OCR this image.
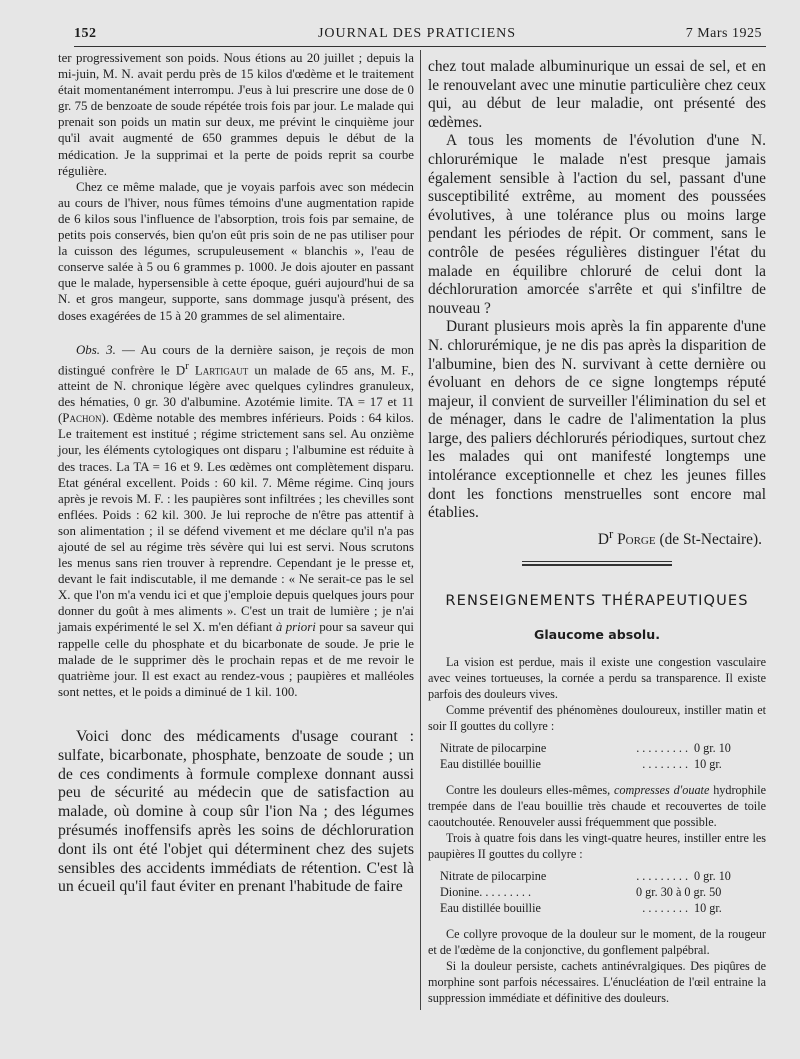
152	JOURNAL DES PRATICIENS	7 Mars 1925

ter progressivement son poids. Nous étions au 20 juillet ; depuis la mi-juin, M. N. avait perdu près de 15 kilos d'œdème et le traitement était momentanément interrompu. J'eus à lui prescrire une dose de 0 gr. 75 de benzoate de soude répétée trois fois par jour. Le malade qui prenait son poids un matin sur deux, me prévint le cinquième jour qu'il avait augmenté de 650 grammes depuis le début de la médication. Je la supprimai et la perte de poids reprit sa courbe régulière.

Chez ce même malade, que je voyais parfois avec son médecin au cours de l'hiver, nous fûmes témoins d'une augmentation rapide de 6 kilos sous l'influence de l'absorption, trois fois par semaine, de petits pois conservés, bien qu'on eût pris soin de ne pas utiliser pour la cuisson des légumes, scrupuleusement « blanchis », l'eau de conserve salée à 5 ou 6 grammes p. 1000. Je dois ajouter en passant que le malade, hypersensible à cette époque, guéri aujourd'hui de sa N. et gros mangeur, supporte, sans dommage jusqu'à présent, des doses exagérées de 15 à 20 grammes de sel alimentaire.

Obs. 3. — Au cours de la dernière saison, je reçois de mon distingué confrère le $D^r$ Lartigaut un malade de 65 ans, M. F., atteint de N. chronique légère avec quelques cylindres granuleux, des hématies, 0 gr. 30 d'albumine. Azotémie limite. TA = 17 et 11 (Pachon). Œdème notable des membres inférieurs. Poids : 64 kilos. Le traitement est institué ; régime strictement sans sel. Au onzième jour, les éléments cytologiques ont disparu ; l'albumine est réduite à des traces. La TA = 16 et 9. Les œdèmes ont complètement disparu. Etat général excellent. Poids : 60 kil. 7. Même régime. Cinq jours après je revois M. F. : les paupières sont infiltrées ; les chevilles sont enflées. Poids : 62 kil. 300. Je lui reproche de n'être pas attentif à son alimentation ; il se défend vivement et me déclare qu'il n'a pas ajouté de sel au régime très sévère qui lui est servi. Nous scrutons les menus sans rien trouver à reprendre. Cependant je le presse et, devant le fait indiscutable, il me demande : « Ne serait-ce pas le sel X. que l'on m'a vendu ici et que j'emploie depuis quelques jours pour donner du goût à mes aliments ». C'est un trait de lumière ; je n'ai jamais expérimenté le sel X. m'en défiant à priori pour sa saveur qui rappelle celle du phosphate et du bicarbonate de soude. Je prie le malade de le supprimer dès le prochain repas et de me revoir le quatrième jour. Il est exact au rendez-vous ; paupières et malléoles sont nettes, et le poids a diminué de 1 kil. 100.

Voici donc des médicaments d'usage courant : sulfate, bicarbonate, phosphate, benzoate de soude ; un de ces condiments à formule complexe donnant aussi peu de sécurité au médecin que de satisfaction au malade, où domine à coup sûr l'ion Na ; des légumes présumés inoffensifs après les soins de déchloruration dont ils ont été l'objet qui déterminent chez des sujets sensibles des accidents immédiats de rétention. C'est là un écueil qu'il faut éviter en prenant l'habitude de faire

chez tout malade albuminurique un essai de sel, et en le renouvelant avec une minutie particulière chez ceux qui, au début de leur maladie, ont présenté des œdèmes.

A tous les moments de l'évolution d'une N. chlorurémique le malade n'est presque jamais également sensible à l'action du sel, passant d'une susceptibilité extrême, au moment des poussées évolutives, à une tolérance plus ou moins large pendant les périodes de répit. Or comment, sans le contrôle de pesées régulières distinguer l'état du malade en équilibre chloruré de celui dont la déchloruration amorcée s'arrête et qui s'infiltre de nouveau ?

Durant plusieurs mois après la fin apparente d'une N. chlorurémique, je ne dis pas après la disparition de l'albumine, bien des N. survivant à cette dernière ou évoluant en dehors de ce signe longtemps réputé majeur, il convient de surveiller l'élimination du sel et de ménager, dans le cadre de l'alimentation la plus large, des paliers déchlorurés périodiques, surtout chez les malades qui ont manifesté longtemps une intolérance exceptionnelle et chez les jeunes filles dont les fonctions menstruelles sont encore mal établies.

$D^r$ Porge (de St-Nectaire).
RENSEIGNEMENTS THÉRAPEUTIQUES
Glaucome absolu.

La vision est perdue, mais il existe une congestion vasculaire avec veines tortueuses, la cornée a perdu sa transparence. Il existe parfois des douleurs vives.

Comme préventif des phénomènes douloureux, instiller matin et soir II gouttes du collyre :

Nitrate de pilocarpine	. . . . . . . . . 0 gr. 10
Eau distillée bouillie	. . . . . . . . 10 gr.

Contre les douleurs elles-mêmes, compresses d'ouate hydrophile trempée dans de l'eau bouillie très chaude et recouvertes de toile caoutchoutée. Renouveler aussi fréquemment que possible.

Trois à quatre fois dans les vingt-quatre heures, instiller entre les paupières II gouttes du collyre :

Nitrate de pilocarpine	. . . . . . . . . 0 gr. 10
Dionine . . . . . . . . .	0 gr. 30 à 0 gr. 50
Eau distillée bouillie	. . . . . . . . 10 gr.

Ce collyre provoque de la douleur sur le moment, de la rougeur et de l'œdème de la conjonctive, du gonflement palpébral.

Si la douleur persiste, cachets antinévralgiques. Des piqûres de morphine sont parfois nécessaires. L'énucléation de l'œil entraine la suppression immédiate et définitive des douleurs.
